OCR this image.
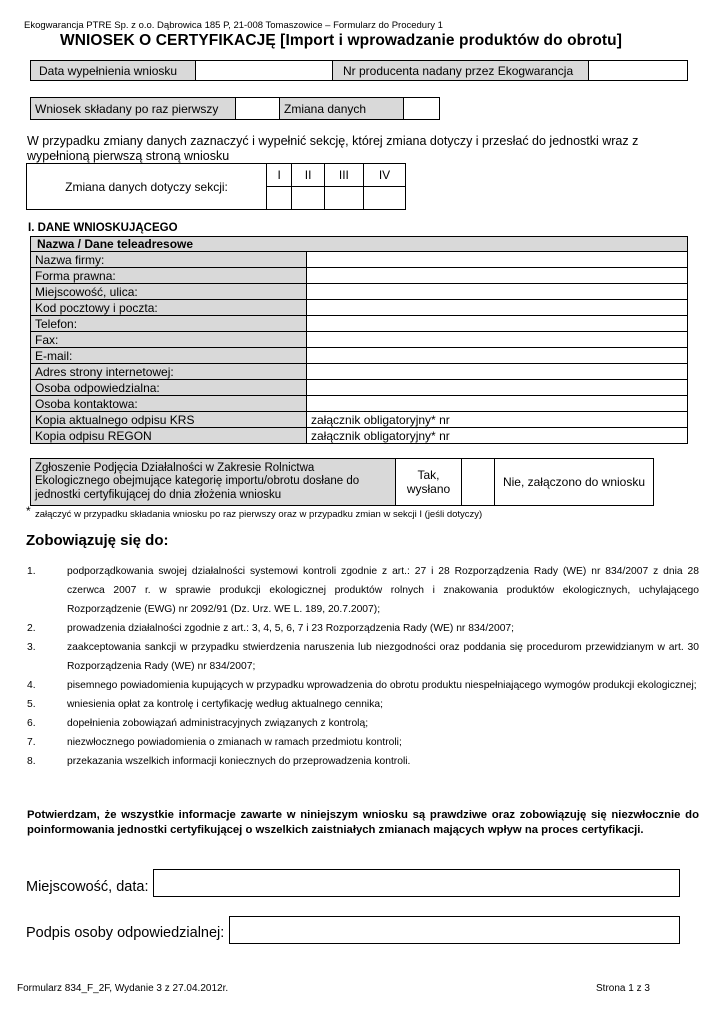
Ekogwarancja PTRE Sp. z o.o. Dąbrowica 185 P, 21-008 Tomaszowice – Formularz do Procedury 1
WNIOSEK O CERTYFIKACJĘ [Import i wprowadzanie produktów do obrotu]
Data wypełnienia wniosku		Nr producenta nadany przez Ekogwarancja	
Wniosek składany po raz pierwszy		Zmiana danych	
W przypadku zmiany danych zaznaczyć i wypełnić sekcję, której zmiana dotyczy i przesłać do jednostki wraz z wypełnioną pierwszą stroną wniosku
Zmiana danych dotyczy sekcji:	I	II	III	IV

I. DANE WNIOSKUJĄCEGO
Nazwa / Dane teleadresowe	
Nazwa firmy:	
Forma prawna:	
Miejscowość, ulica:	
Kod pocztowy i poczta:	
Telefon:	
Fax:	
E-mail:	
Adres strony internetowej:	
Osoba odpowiedzialna:	
Osoba kontaktowa:	
Kopia aktualnego odpisu KRS	załącznik obligatoryjny* nr
Kopia odpisu REGON	załącznik obligatoryjny* nr
Zgłoszenie Podjęcia Działalności w Zakresie Rolnictwa Ekologicznego obejmujące kategorię importu/obrotu dosłane do jednostki certyfikującej do dnia złożenia wniosku	Tak, wysłano		Nie, załączono do wniosku
* załączyć w przypadku składania wniosku po raz pierwszy oraz w przypadku zmian w sekcji I (jeśli dotyczy)
Zobowiązuję się do:
1.	podporządkowania swojej działalności systemowi kontroli zgodnie z art.: 27 i 28 Rozporządzenia Rady (WE) nr 834/2007 z dnia 28 czerwca 2007 r. w sprawie produkcji ekologicznej produktów rolnych i znakowania produktów ekologicznych, uchylającego Rozporządzenie (EWG) nr 2092/91 (Dz. Urz. WE L. 189, 20.7.2007);
2.	prowadzenia działalności zgodnie z art.: 3, 4, 5, 6, 7 i 23 Rozporządzenia Rady (WE) nr 834/2007;
3.	zaakceptowania sankcji w przypadku stwierdzenia naruszenia lub niezgodności oraz poddania się procedurom przewidzianym w art. 30 Rozporządzenia Rady (WE) nr 834/2007;
4.	pisemnego powiadomienia kupujących w przypadku wprowadzenia do obrotu produktu niespełniającego wymogów produkcji ekologicznej;
5.	wniesienia opłat za kontrolę i certyfikację według aktualnego cennika;
6.	dopełnienia zobowiązań administracyjnych związanych z kontrolą;
7.	niezwłocznego powiadomienia o zmianach w ramach przedmiotu kontroli;
8.	przekazania wszelkich informacji koniecznych do przeprowadzenia kontroli.
Potwierdzam, że wszystkie informacje zawarte w niniejszym wniosku są prawdziwe oraz zobowiązuję się niezwłocznie do poinformowania jednostki certyfikującej o wszelkich zaistniałych zmianach mających wpływ na proces certyfikacji.
Miejscowość, data:
Podpis osoby odpowiedzialnej:
Formularz 834_F_2F, Wydanie 3 z 27.04.2012r.	Strona 1 z 3
